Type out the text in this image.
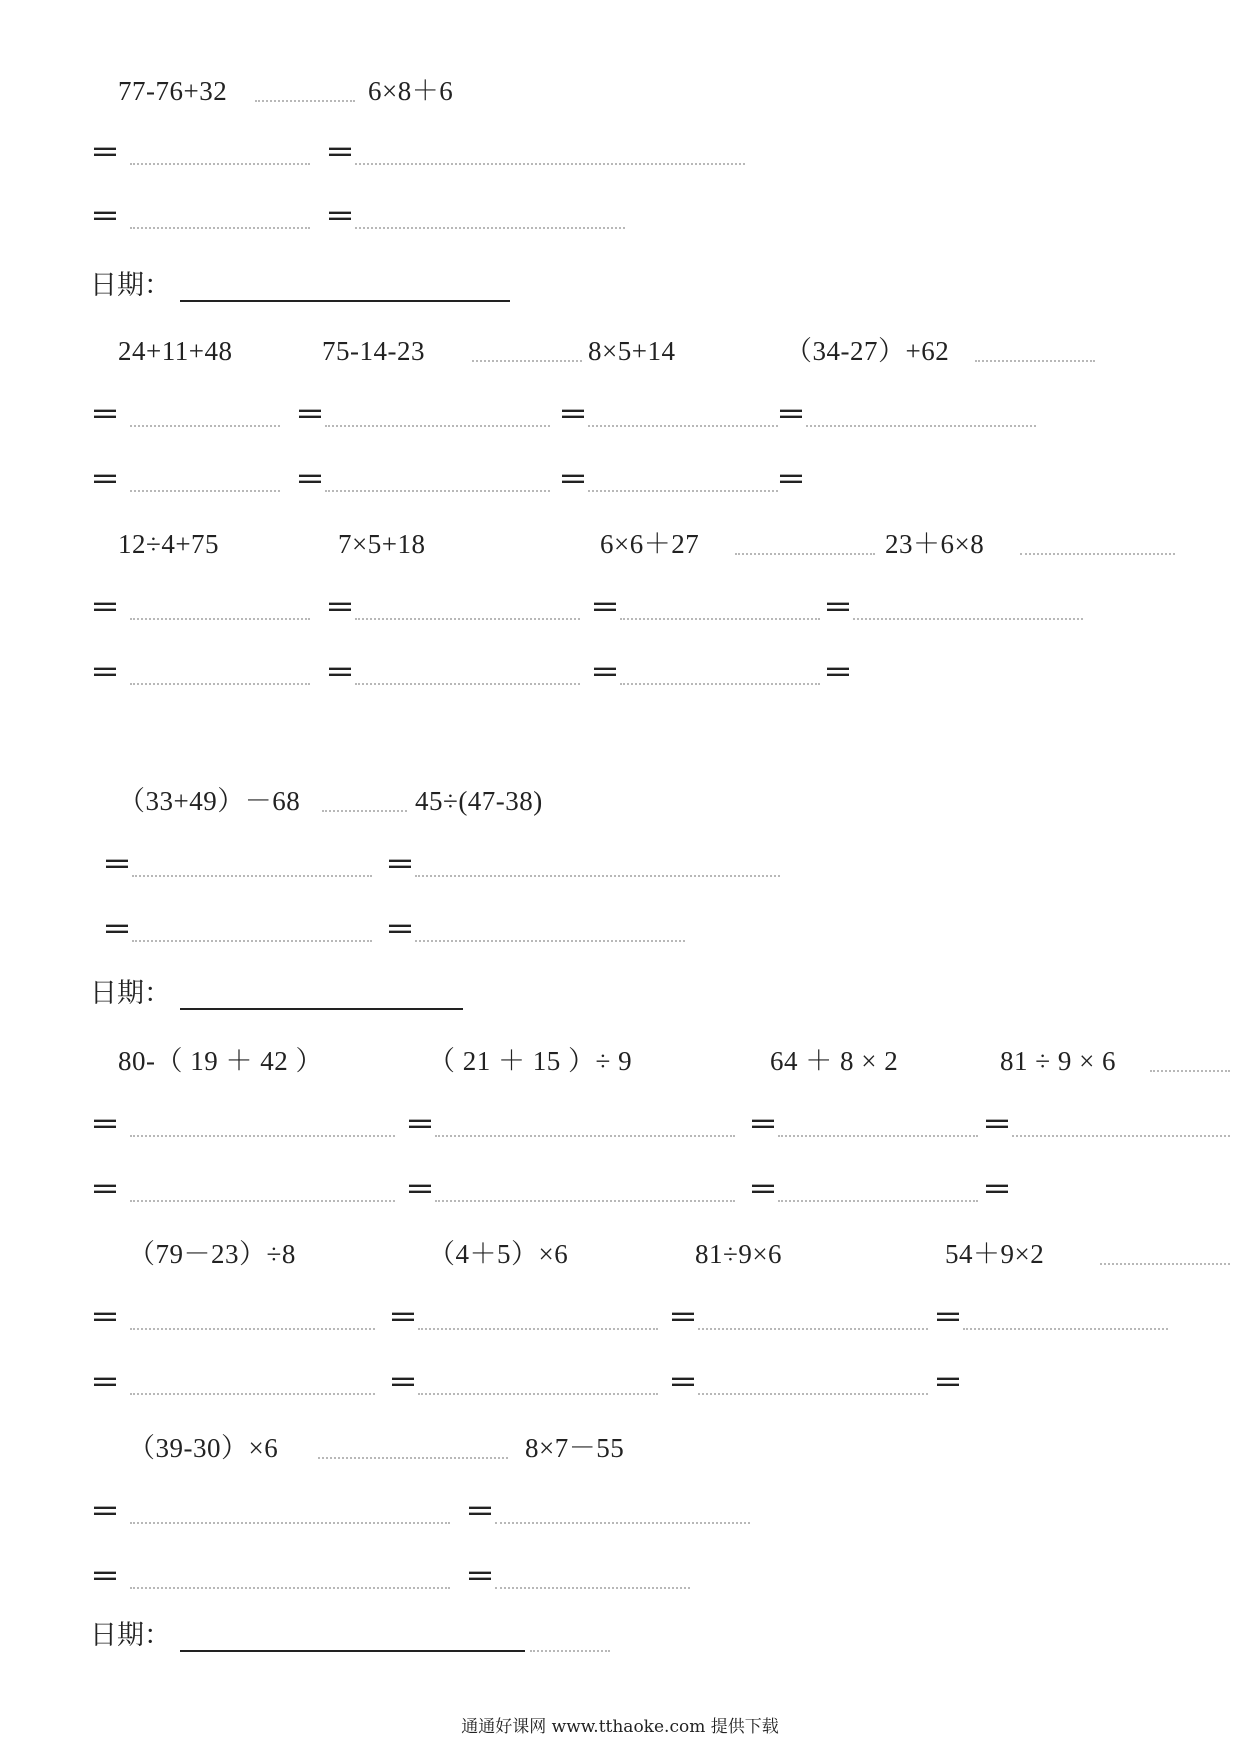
77-76+32	6×8＋6
＝	＝
＝	＝
日期：
24+11+48	75-14-23	8×5+14	（34-27）+62
＝	＝	＝	＝
＝	＝	＝	＝
12÷4+75	7×5+18	6×6＋27	23＋6×8
＝	＝	＝	＝
＝	＝	＝	＝
（33+49）－68	45÷(47-38)
＝	＝
＝	＝
日期：
80-（ 19 ＋ 42 ）	（ 21 ＋ 15 ）÷ 9	64 ＋ 8 × 2	81 ÷ 9 × 6
＝	＝	＝	＝
＝	＝	＝	＝
（79－23）÷8	（4＋5）×6	81÷9×6	54＋9×2
＝	＝	＝	＝
＝	＝	＝	＝
（39-30）×6	8×7－55
＝	＝
＝	＝
日期：
通通好课网 www.tthaoke.com 提供下载
